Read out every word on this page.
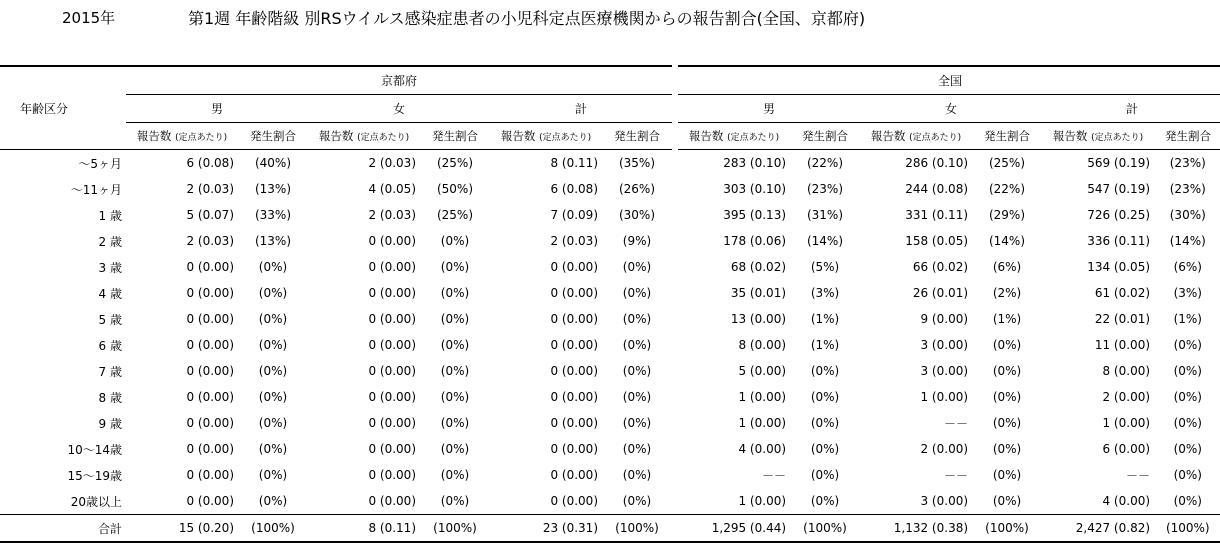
2015年	第1週 年齢階級 別RSウイルス感染症患者の小児科定点医療機関からの報告割合(全国、京都府)
年齢区分	京都府							全国					
	男		女		計			男		女		計	
	報告数 (定点あたり)	発生割合	報告数 (定点あたり)	発生割合	報告数 (定点あたり)	発生割合		報告数 (定点あたり)	発生割合	報告数 (定点あたり)	発生割合	報告数 (定点あたり)	発生割合
～5ヶ月	6 (0.08)	(40%)	2 (0.03)	(25%)	8 (0.11)	(35%)		283 (0.10)	(22%)	286 (0.10)	(25%)	569 (0.19)	(23%)
～11ヶ月	2 (0.03)	(13%)	4 (0.05)	(50%)	6 (0.08)	(26%)		303 (0.10)	(23%)	244 (0.08)	(22%)	547 (0.19)	(23%)
1 歳	5 (0.07)	(33%)	2 (0.03)	(25%)	7 (0.09)	(30%)		395 (0.13)	(31%)	331 (0.11)	(29%)	726 (0.25)	(30%)
2 歳	2 (0.03)	(13%)	0 (0.00)	(0%)	2 (0.03)	(9%)		178 (0.06)	(14%)	158 (0.05)	(14%)	336 (0.11)	(14%)
3 歳	0 (0.00)	(0%)	0 (0.00)	(0%)	0 (0.00)	(0%)		68 (0.02)	(5%)	66 (0.02)	(6%)	134 (0.05)	(6%)
4 歳	0 (0.00)	(0%)	0 (0.00)	(0%)	0 (0.00)	(0%)		35 (0.01)	(3%)	26 (0.01)	(2%)	61 (0.02)	(3%)
5 歳	0 (0.00)	(0%)	0 (0.00)	(0%)	0 (0.00)	(0%)		13 (0.00)	(1%)	9 (0.00)	(1%)	22 (0.01)	(1%)
6 歳	0 (0.00)	(0%)	0 (0.00)	(0%)	0 (0.00)	(0%)		8 (0.00)	(1%)	3 (0.00)	(0%)	11 (0.00)	(0%)
7 歳	0 (0.00)	(0%)	0 (0.00)	(0%)	0 (0.00)	(0%)		5 (0.00)	(0%)	3 (0.00)	(0%)	8 (0.00)	(0%)
8 歳	0 (0.00)	(0%)	0 (0.00)	(0%)	0 (0.00)	(0%)		1 (0.00)	(0%)	1 (0.00)	(0%)	2 (0.00)	(0%)
9 歳	0 (0.00)	(0%)	0 (0.00)	(0%)	0 (0.00)	(0%)		1 (0.00)	(0%)	－－	(0%)	1 (0.00)	(0%)
10～14歳	0 (0.00)	(0%)	0 (0.00)	(0%)	0 (0.00)	(0%)		4 (0.00)	(0%)	2 (0.00)	(0%)	6 (0.00)	(0%)
15～19歳	0 (0.00)	(0%)	0 (0.00)	(0%)	0 (0.00)	(0%)		－－	(0%)	－－	(0%)	－－	(0%)
20歳以上	0 (0.00)	(0%)	0 (0.00)	(0%)	0 (0.00)	(0%)		1 (0.00)	(0%)	3 (0.00)	(0%)	4 (0.00)	(0%)
合計	15 (0.20)	(100%)	8 (0.11)	(100%)	23 (0.31)	(100%)		1,295 (0.44)	(100%)	1,132 (0.38)	(100%)	2,427 (0.82)	(100%)
